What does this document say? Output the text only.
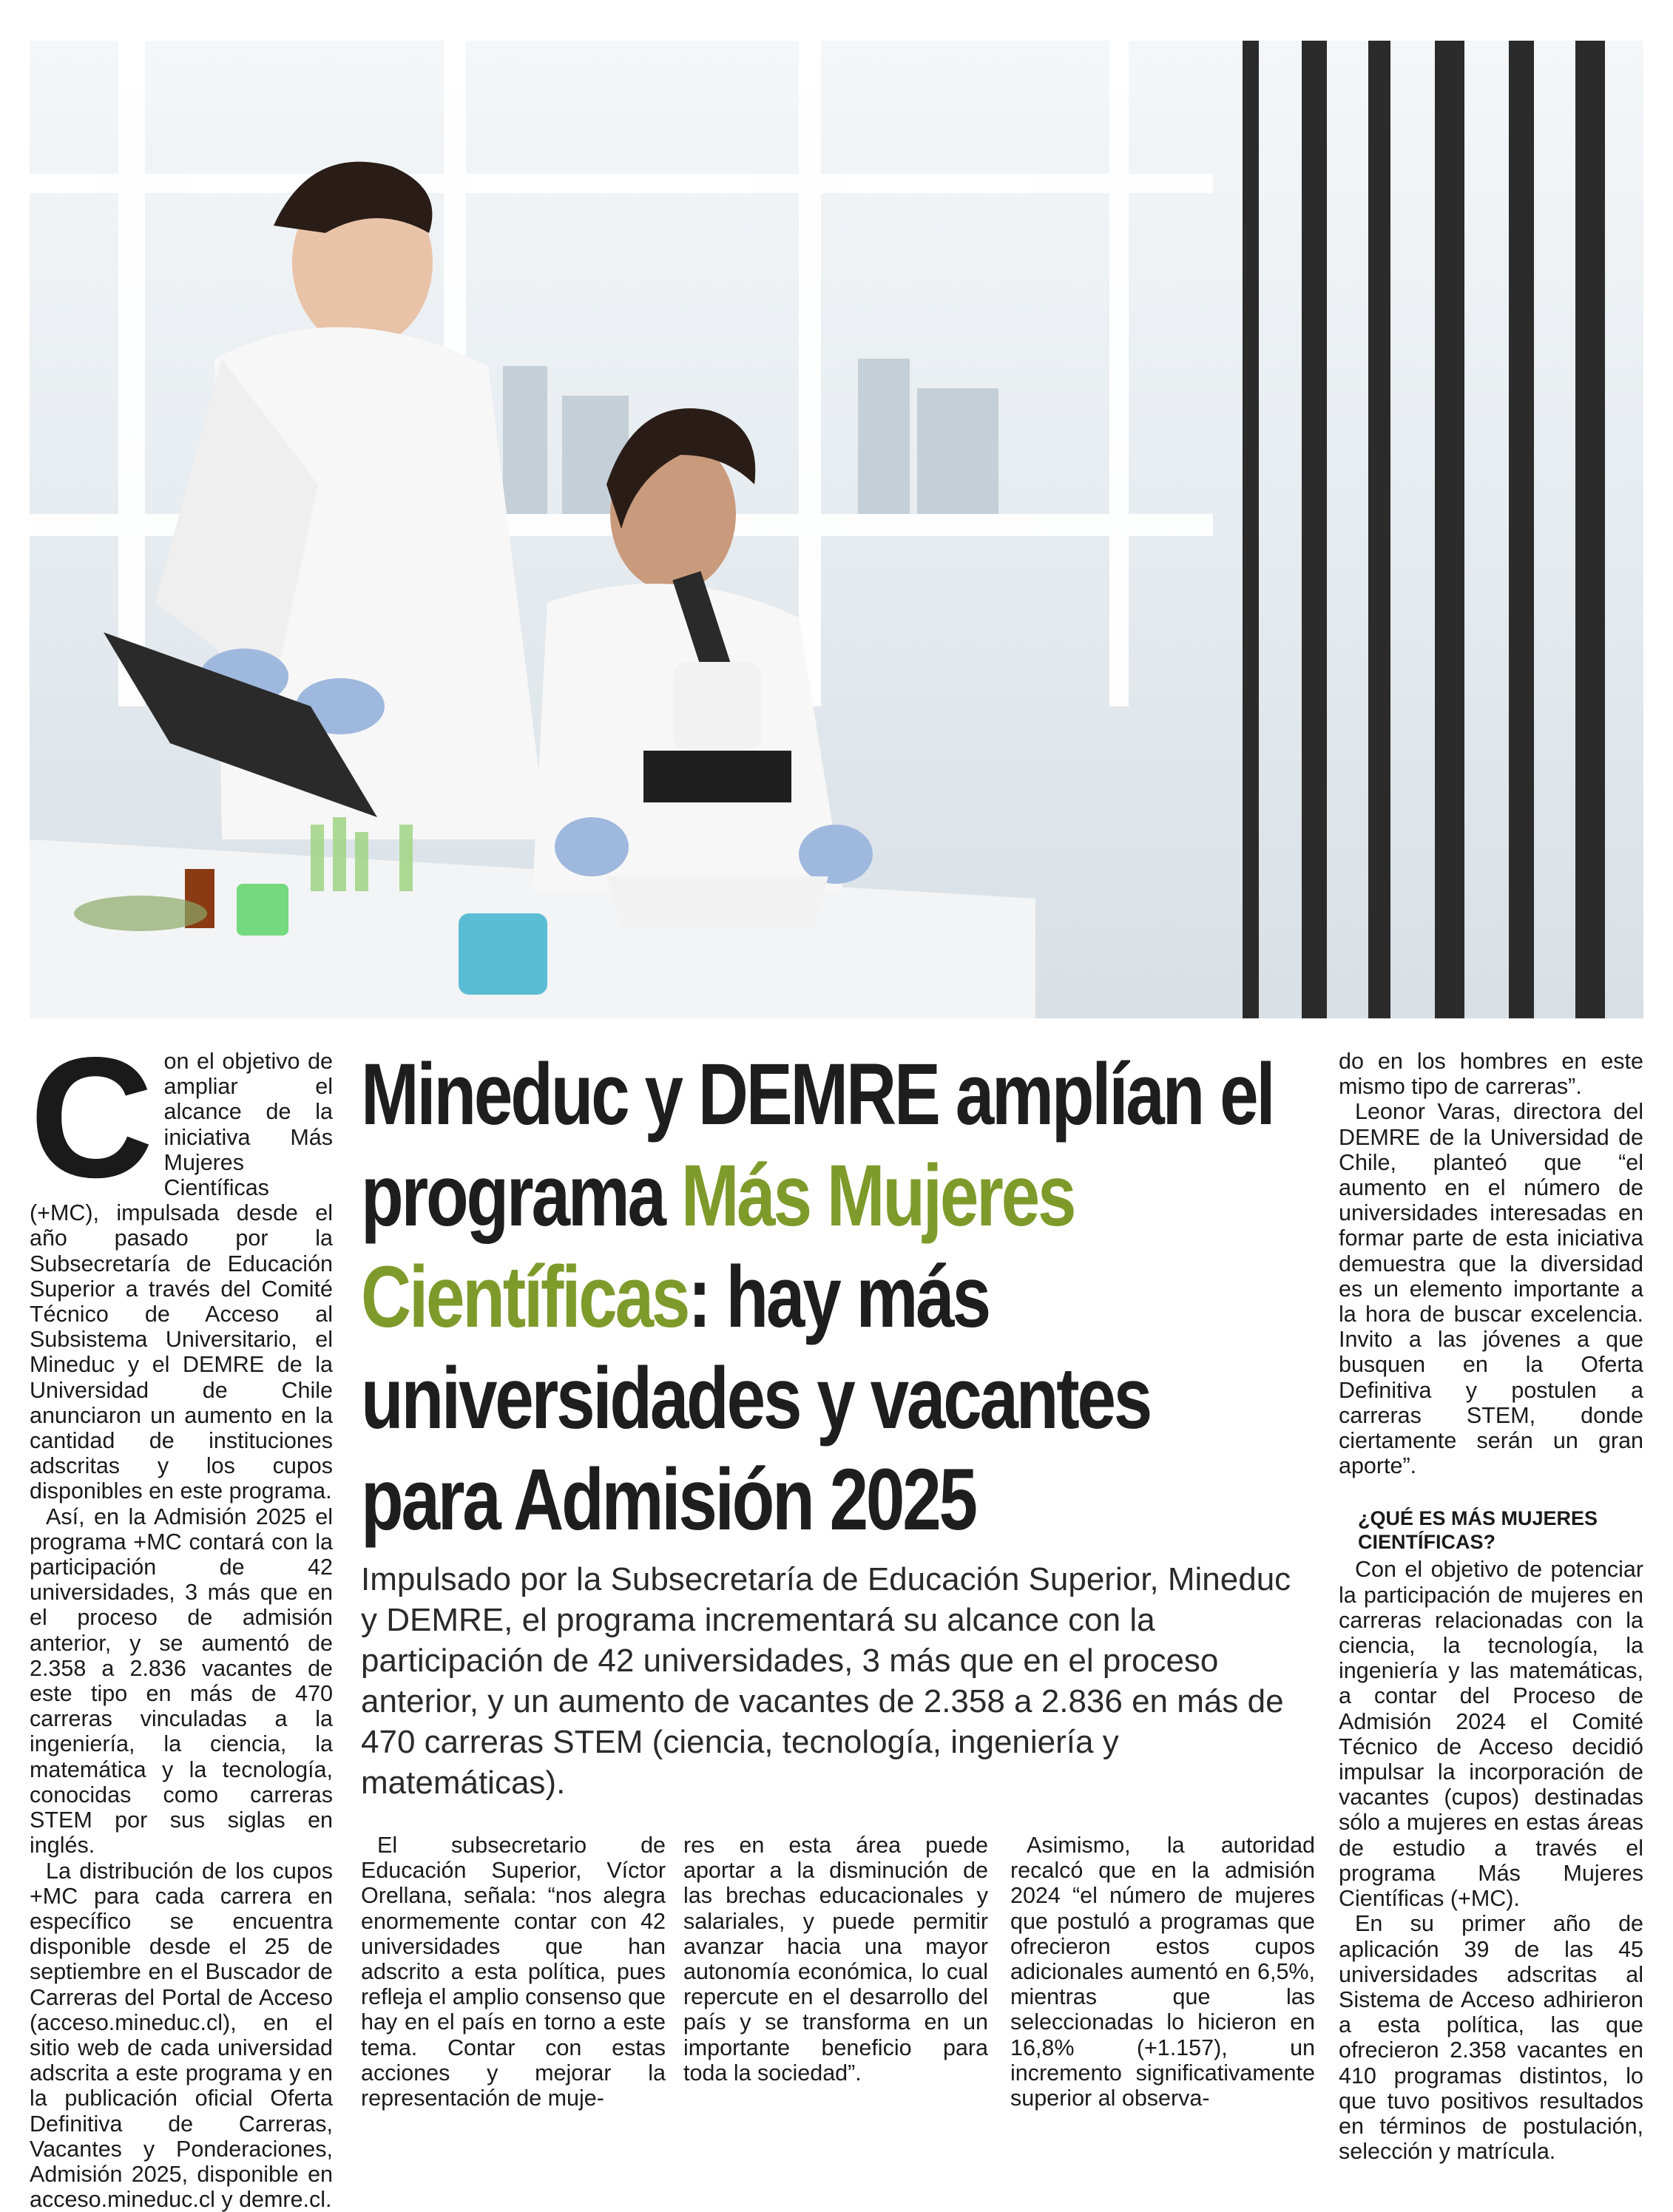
Con el objetivo de ampliar el alcance de la iniciativa Más Mujeres Científicas (+MC), impulsada desde el año pasado por la Subsecretaría de Educación Superior a través del Comité Técnico de Acceso al Subsistema Universitario, el Mineduc y el DEMRE de la Universidad de Chile anunciaron un aumento en la cantidad de instituciones adscritas y los cupos disponibles en este programa.

Así, en la Admisión 2025 el programa +MC contará con la participación de 42 universidades, 3 más que en el proceso de admisión anterior, y se aumentó de 2.358 a 2.836 vacantes de este tipo en más de 470 carreras vinculadas a la ingeniería, la ciencia, la matemática y la tecnología, conocidas como carreras STEM por sus siglas en inglés.

La distribución de los cupos +MC para cada carrera en específico se encuentra disponible desde el 25 de septiembre en el Buscador de Carreras del Portal de Acceso (acceso.mineduc.cl), en el sitio web de cada universidad adscrita a este programa y en la publicación oficial Oferta Definitiva de Carreras, Vacantes y Ponderaciones, Admisión 2025, disponible en acceso.mineduc.cl y demre.cl.

Mineduc y DEMRE amplían el programa Más Mujeres Científicas: hay más universidades y vacantes para Admisión 2025
Impulsado por la Subsecretaría de Educación Superior, Mineduc y DEMRE, el programa incrementará su alcance con la participación de 42 universidades, 3 más que en el proceso anterior, y un aumento de vacantes de 2.358 a 2.836 en más de 470 carreras STEM (ciencia, tecnología, ingeniería y matemáticas).

El subsecretario de Educación Superior, Víctor Orellana, señala: “nos alegra enormemente contar con 42 universidades que han adscrito a esta política, pues refleja el amplio consenso que hay en el país en torno a este tema. Contar con estas acciones y mejorar la representación de muje-

res en esta área puede aportar a la disminución de las brechas educacionales y salariales, y puede permitir avanzar hacia una mayor autonomía económica, lo cual repercute en el desarrollo del país y se transforma en un importante beneficio para toda la sociedad”.

Asimismo, la autoridad recalcó que en la admisión 2024 “el número de mujeres que postuló a programas que ofrecieron estos cupos adicionales aumentó en 6,5%, mientras que las seleccionadas lo hicieron en 16,8% (+1.157), un incremento significativamente superior al observa-

do en los hombres en este mismo tipo de carreras”.

Leonor Varas, directora del DEMRE de la Universidad de Chile, planteó que “el aumento en el número de universidades interesadas en formar parte de esta iniciativa demuestra que la diversidad es un elemento importante a la hora de buscar excelencia. Invito a las jóvenes a que busquen en la Oferta Definitiva y postulen a carreras STEM, donde ciertamente serán un gran aporte”.

¿QUÉ ES MÁS MUJERES CIENTÍFICAS?

Con el objetivo de potenciar la participación de mujeres en carreras relacionadas con la ciencia, la tecnología, la ingeniería y las matemáticas, a contar del Proceso de Admisión 2024 el Comité Técnico de Acceso decidió impulsar la incorporación de vacantes (cupos) destinadas sólo a mujeres en estas áreas de estudio a través el programa Más Mujeres Científicas (+MC).

En su primer año de aplicación 39 de las 45 universidades adscritas al Sistema de Acceso adhirieron a esta política, las que ofrecieron 2.358 vacantes en 410 programas distintos, lo que tuvo positivos resultados en términos de postulación, selección y matrícula.
